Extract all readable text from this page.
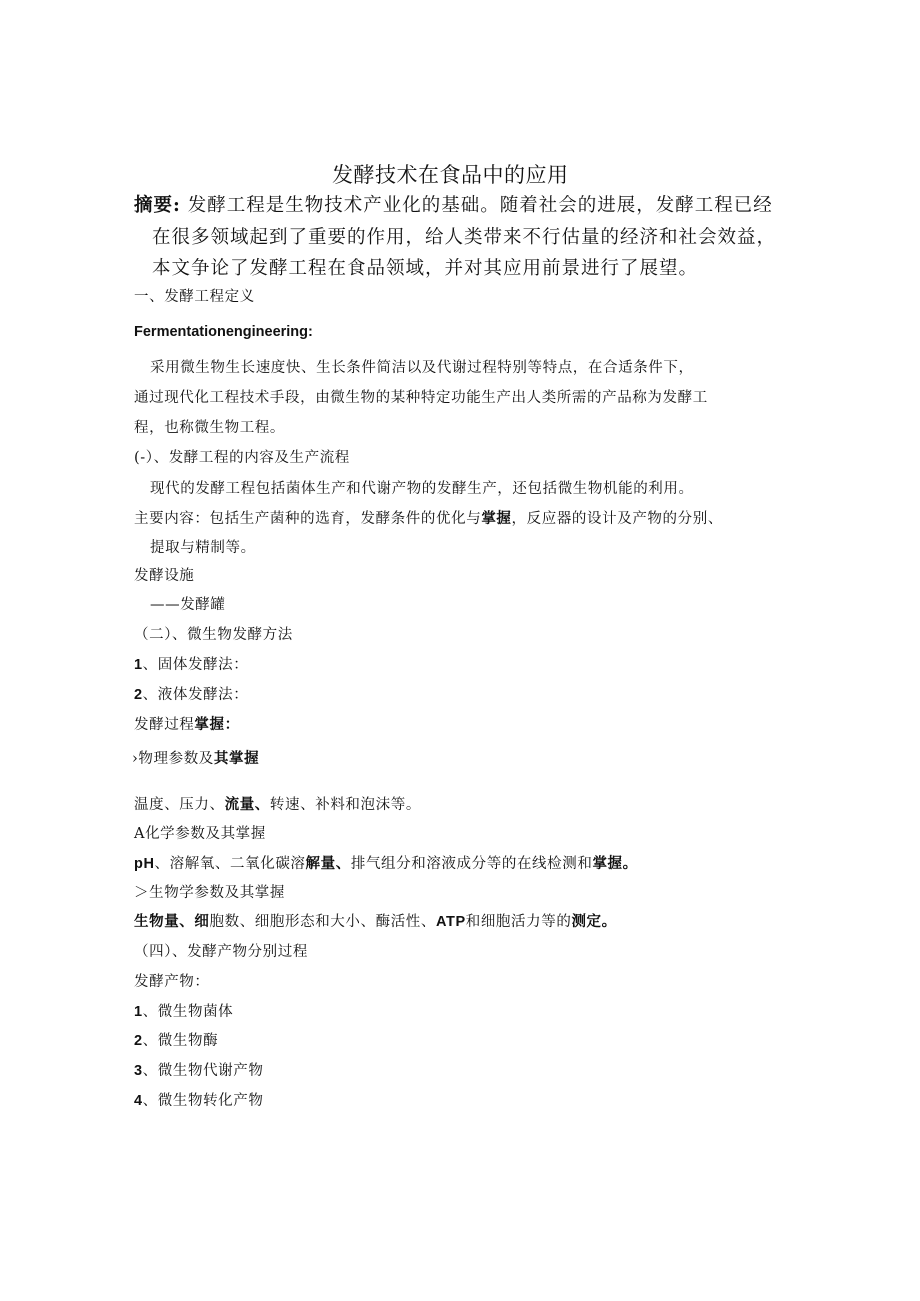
发酵技术在食品中的应用
摘要: 发酵工程是生物技术产业化的基础。随着社会的进展，发酵工程已经
在很多领域起到了重要的作用，给人类带来不行估量的经济和社会效益，
本文争论了发酵工程在食品领域，并对其应用前景进行了展望。
一、发酵工程定义
Fermentationengineering:
采用微生物生长速度快、生长条件简洁以及代谢过程特别等特点，在合适条件下，
通过现代化工程技术手段，由微生物的某种特定功能生产出人类所需的产品称为发酵工
程，也称微生物工程。
(-）、发酵工程的内容及生产流程
现代的发酵工程包括菌体生产和代谢产物的发酵生产，还包括微生物机能的利用。
主要内容：包括生产菌种的选育，发酵条件的优化与掌握，反应器的设计及产物的分别、
提取与精制等。
发酵设施
——发酵罐
（二）、微生物发酵方法
1、固体发酵法：
2、液体发酵法：
发酵过程掌握：
›物理参数及其掌握
温度、压力、流量、转速、补料和泡沫等。
A化学参数及其掌握
pH、溶解氧、二氧化碳溶解量、排气组分和溶液成分等的在线检测和掌握。
＞生物学参数及其掌握
生物量、细胞数、细胞形态和大小、酶活性、ATP和细胞活力等的测定。
（四）、发酵产物分别过程
发酵产物：
1、微生物菌体
2、微生物酶
3、微生物代谢产物
4、微生物转化产物
